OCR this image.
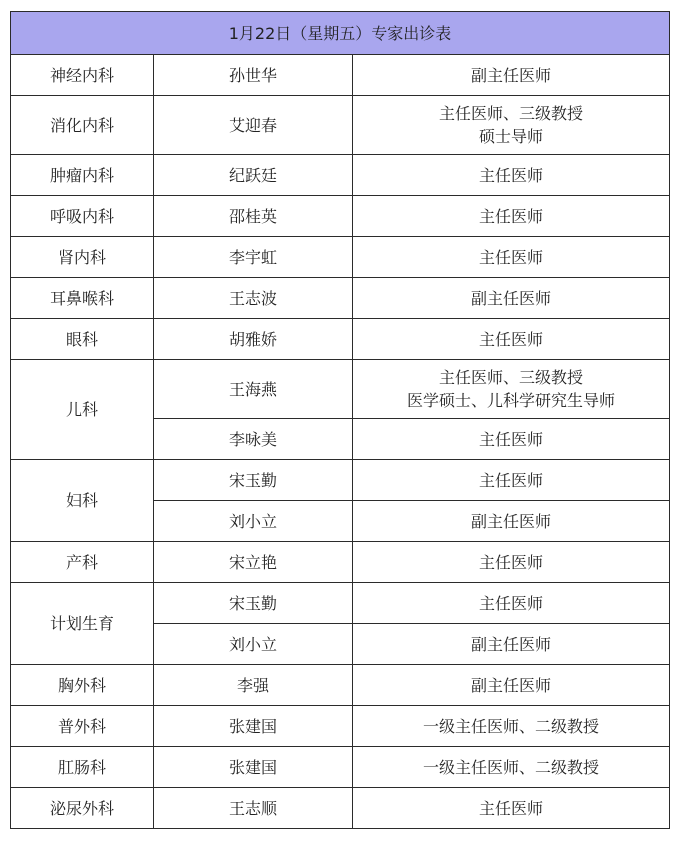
1月22日（星期五）专家出诊表		
神经内科	孙世华	副主任医师

消化内科	艾迎春	主任医师、三级教授
硕士导师

肿瘤内科	纪跃廷	主任医师

呼吸内科	邵桂英	主任医师

肾内科	李宇虹	主任医师

耳鼻喉科	王志波	副主任医师

眼科	胡雅娇	主任医师

儿科	王海燕	主任医师、三级教授
医学硕士、儿科学研究生导师

	李咏美	主任医师

妇科	宋玉勤	主任医师

	刘小立	副主任医师

产科	宋立艳	主任医师

计划生育	宋玉勤	主任医师

	刘小立	副主任医师

胸外科	李强	副主任医师

普外科	张建国	一级主任医师、二级教授

肛肠科	张建国	一级主任医师、二级教授

泌尿外科	王志顺	主任医师
